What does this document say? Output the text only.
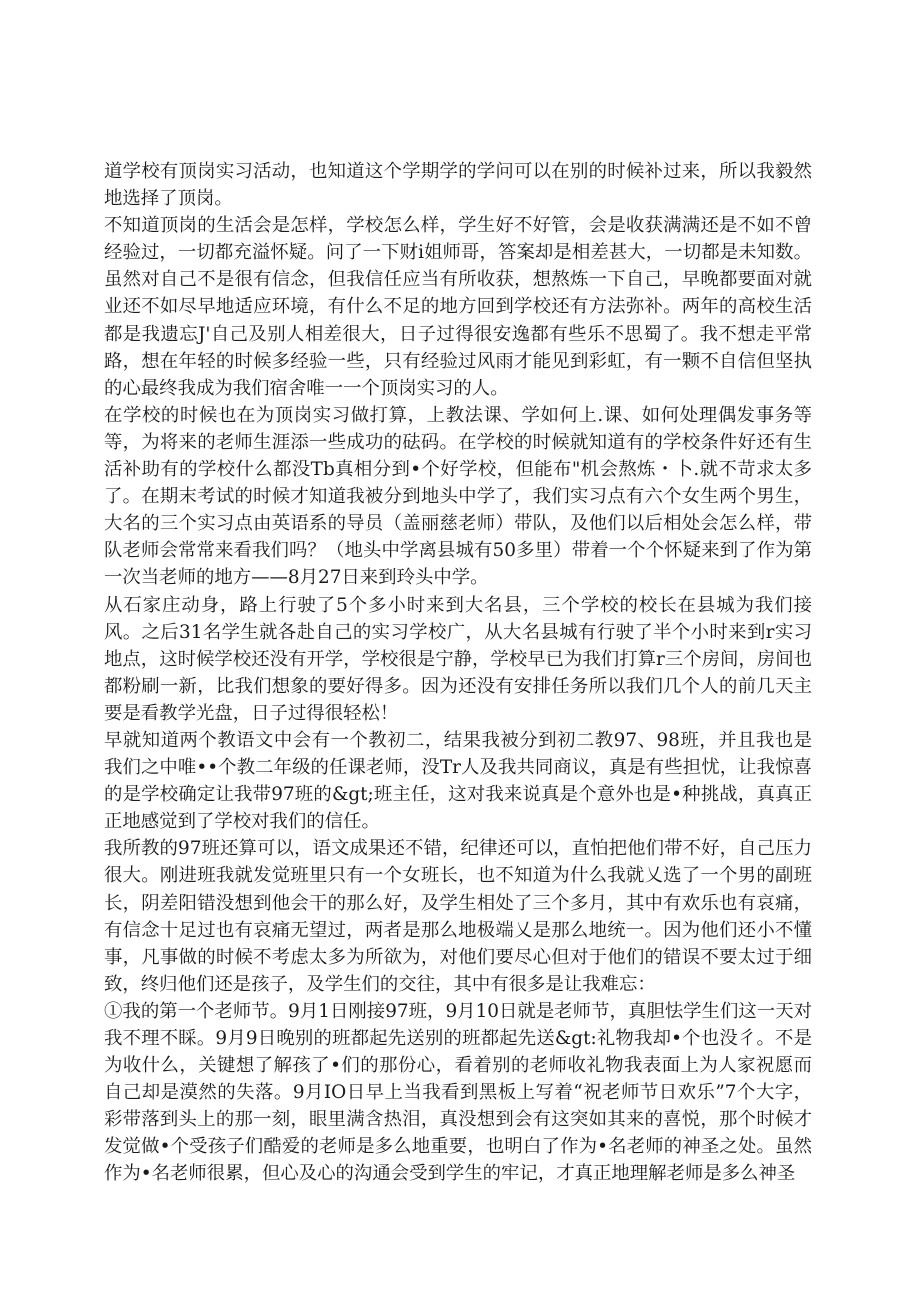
道学校有顶岗实习活动，也知道这个学期学的学问可以在别的时候补过来，所以我毅然地选择了顶岗。

不知道顶岗的生活会是怎样，学校怎么样，学生好不好管，会是收获满满还是不如不曾经验过，一切都充溢怀疑。问了一下财i姐师哥，答案却是相差甚大，一切都是未知数。虽然对自己不是很有信念，但我信任应当有所收获，想熬炼一下自己，早晚都要面对就业还不如尽早地适应环境，有什么不足的地方回到学校还有方法弥补。两年的高校生活都是我遗忘J'自己及别人相差很大，日子过得很安逸都有些乐不思蜀了。我不想走平常路，想在年轻的时候多经验一些，只有经验过风雨才能见到彩虹，有一颗不自信但坚执的心最终我成为我们宿舍唯一一个顶岗实习的人。

在学校的时候也在为顶岗实习做打算，上教法课、学如何上.课、如何处理偶发事务等等，为将来的老师生涯添一些成功的砝码。在学校的时候就知道有的学校条件好还有生活补助有的学校什么都没Tb真相分到•个好学校，但能布"机会熬炼・卜.就不苛求太多了。在期末考试的时候才知道我被分到地头中学了，我们实习点有六个女生两个男生，大名的三个实习点由英语系的导员（盖丽慈老师）带队，及他们以后相处会怎么样，带队老师会常常来看我们吗？（地头中学离县城有50多里）带着一个个怀疑来到了作为第一次当老师的地方——8月27日来到玲头中学。

从石家庄动身，路上行驶了5个多小时来到大名县，三个学校的校长在县城为我们接风。之后31名学生就各赴自己的实习学校广，从大名县城有行驶了半个小时来到r实习地点，这时候学校还没有开学，学校很是宁静，学校早已为我们打算r三个房间，房间也都粉刷一新，比我们想象的要好得多。因为还没有安排任务所以我们几个人的前几天主要是看教学光盘，日子过得很轻松！

早就知道两个教语文中会有一个教初二，结果我被分到初二教97、98班，并且我也是我们之中唯••个教二年级的任课老师，没Tr人及我共同商议，真是有些担忧，让我惊喜的是学校确定让我带97班的&gt;班主任，这对我来说真是个意外也是•种挑战，真真正正地感觉到了学校对我们的信任。

我所教的97班还算可以，语文成果还不错，纪律还可以，直怕把他们带不好，自己压力很大。刚进班我就发觉班里只有一个女班长，也不知道为什么我就乂选了一个男的副班长，阴差阳错没想到他会干的那么好，及学生相处了三个多月，其中有欢乐也有哀痛，有信念十足过也有哀痛无望过，两者是那么地极端乂是那么地统一。因为他们还小不懂事，凡事做的时候不考虑太多为所欲为，对他们要尽心但对于他们的错误不要太过于细致，终归他们还是孩子，及学生们的交往，其中有很多是让我难忘：

①我的第一个老师节。9月1日刚接97班，9月10日就是老师节，真胆怯学生们这一天对我不理不睬。9月9日晚别的班都起先送别的班都起先送&gt:礼物我却•个也没彳。不是为收什么，关键想了解孩了•们的那份心，看着别的老师收礼物我表面上为人家祝愿而自己却是漠然的失落。9月IO日早上当我看到黑板上写着“祝老师节日欢乐”7个大字，彩带落到头上的那一刻，眼里满含热泪，真没想到会有这突如其来的喜悦，那个时候才发觉做•个受孩子们酷爱的老师是多么地重要，也明白了作为•名老师的神圣之处。虽然作为•名老师很累，但心及心的沟通会受到学生的牢记，才真正地理解老师是多么神圣
